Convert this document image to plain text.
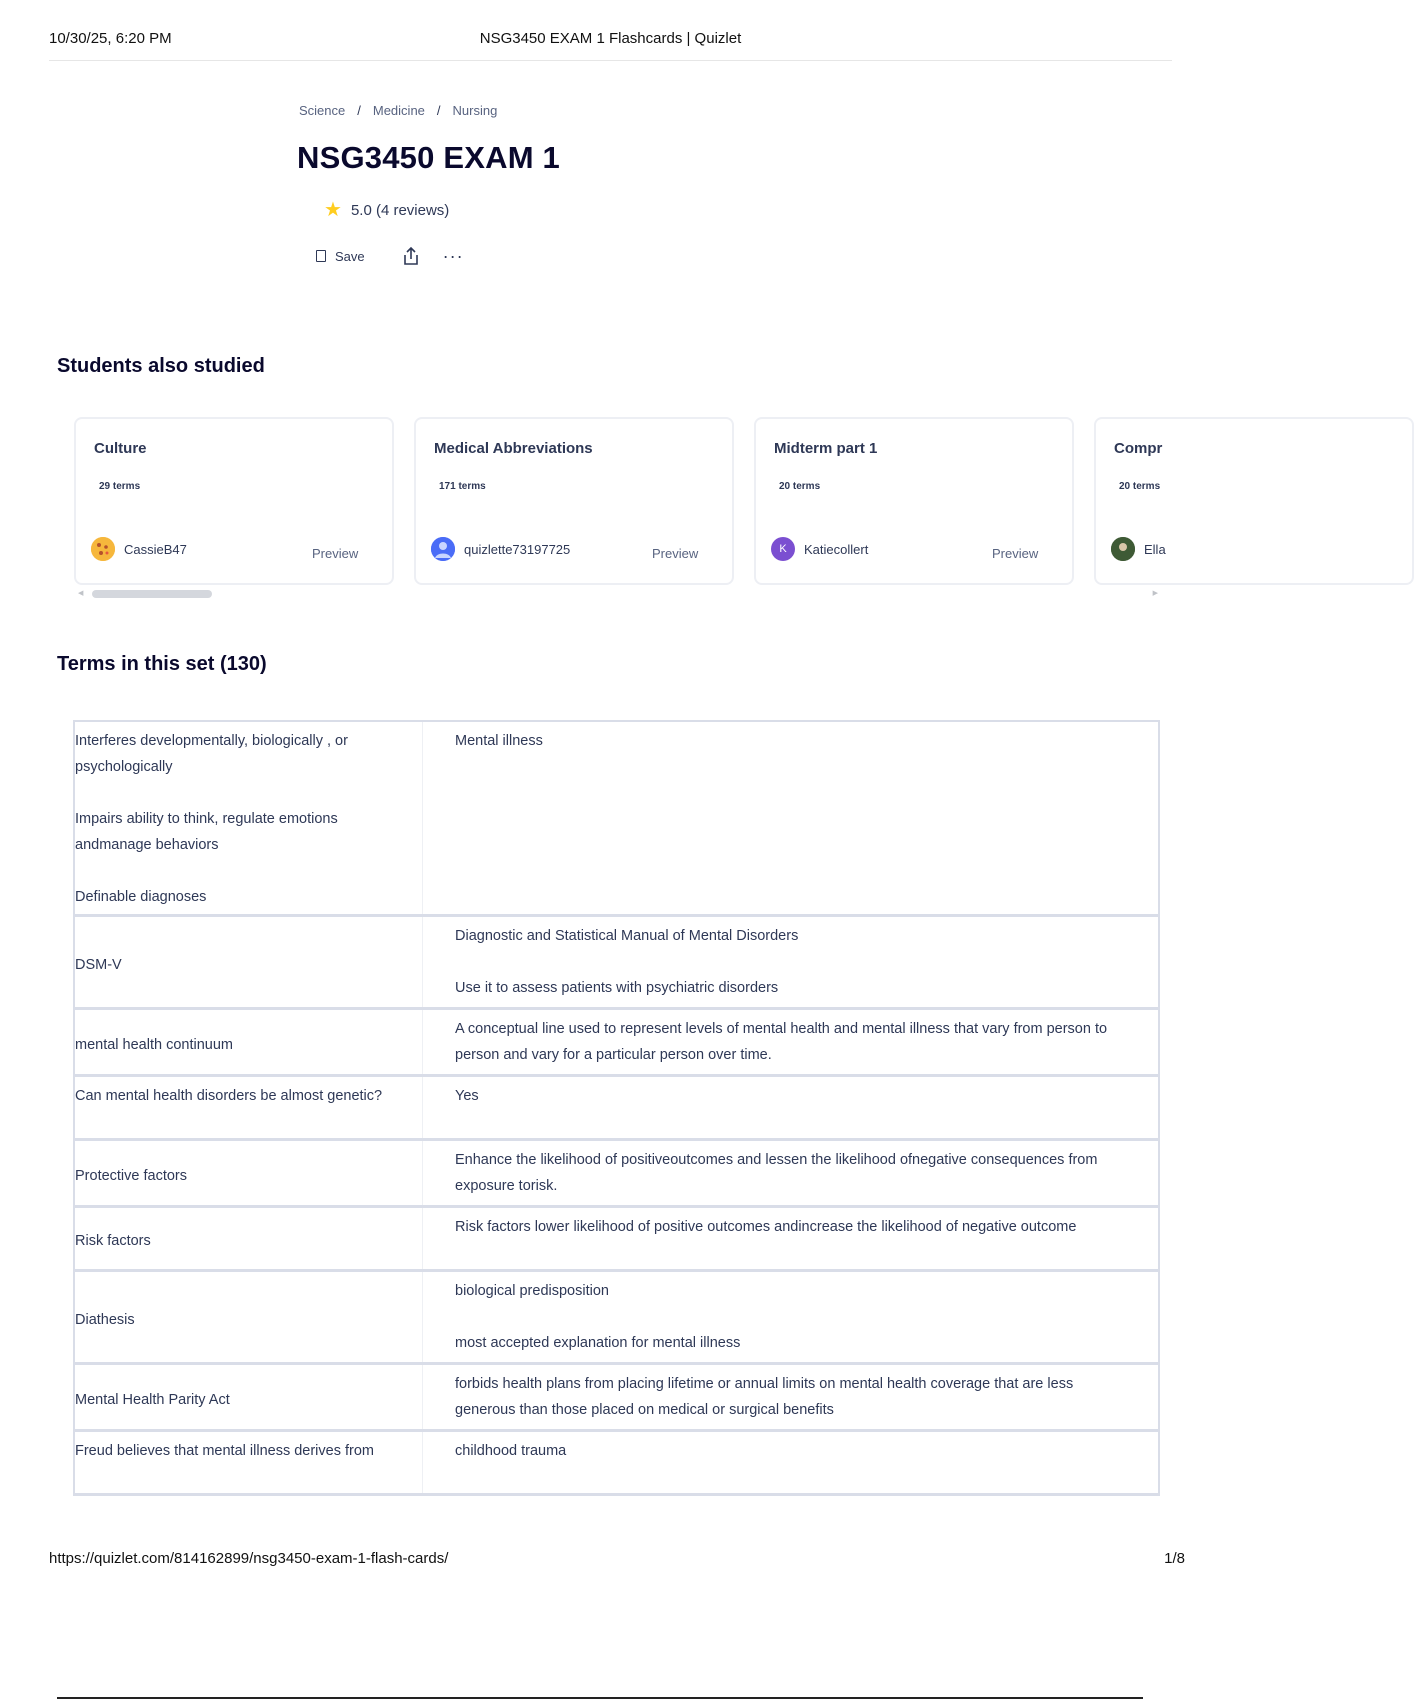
10/30/25, 6:20 PM	NSG3450 EXAM 1 Flashcards | Quizlet
Science / Medicine / Nursing
NSG3450 EXAM 1
★ 5.0 (4 reviews)
Save	···
Students also studied
Culture
29 terms
CassieB47	Preview
Medical Abbreviations
171 terms
quizlette73197725	Preview
Midterm part 1
20 terms
K	Katiecollert	Preview
Compr
20 terms
Ella
◀	▶
Terms in this set (130)
Interferes developmentally, biologically , or psychologically

Impairs ability to think, regulate emotions andmanage behaviors

Definable diagnoses	Mental illness
DSM-V	Diagnostic and Statistical Manual of Mental Disorders

Use it to assess patients with psychiatric disorders
mental health continuum	A conceptual line used to represent levels of mental health and mental illness that vary from person to person and vary for a particular person over time.
Can mental health disorders be almost genetic?	Yes
Protective factors	Enhance the likelihood of positiveoutcomes and lessen the likelihood ofnegative consequences from exposure torisk.
Risk factors	Risk factors lower likelihood of positive outcomes andincrease the likelihood of negative outcome
Diathesis	biological predisposition

most accepted explanation for mental illness
Mental Health Parity Act	forbids health plans from placing lifetime or annual limits on mental health coverage that are less generous than those placed on medical or surgical benefits
Freud believes that mental illness derives from	childhood trauma
https://quizlet.com/814162899/nsg3450-exam-1-flash-cards/	1/8
